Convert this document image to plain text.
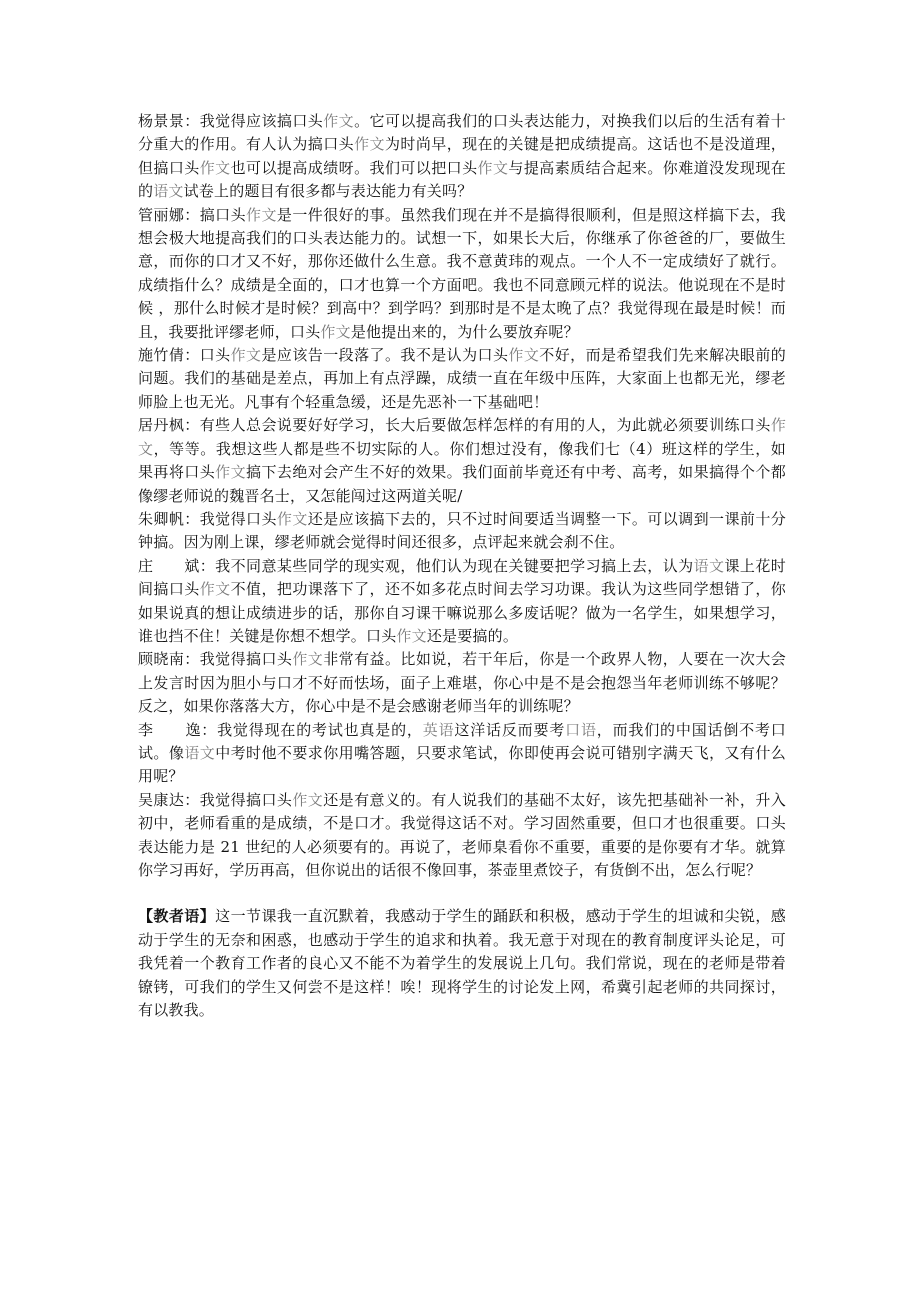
杨景景：我觉得应该搞口头作文。它可以提高我们的口头表达能力，对换我们以后的生活有着十分重大的作用。有人认为搞口头作文为时尚早，现在的关键是把成绩提高。这话也不是没道理，但搞口头作文也可以提高成绩呀。我们可以把口头作文与提高素质结合起来。你难道没发现现在的语文试卷上的题目有很多都与表达能力有关吗？

管丽娜：搞口头作文是一件很好的事。虽然我们现在并不是搞得很顺利，但是照这样搞下去，我想会极大地提高我们的口头表达能力的。试想一下，如果长大后，你继承了你爸爸的厂，要做生意，而你的口才又不好，那你还做什么生意。我不意黄玮的观点。一个人不一定成绩好了就行。成绩指什么？成绩是全面的，口才也算一个方面吧。我也不同意顾元样的说法。他说现在不是时候 ，那什么时候才是时候？到高中？到学吗？到那时是不是太晚了点？我觉得现在最是时候！而且，我要批评缪老师，口头作文是他提出来的，为什么要放弃呢？

施竹倩：口头作文是应该告一段落了。我不是认为口头作文不好，而是希望我们先来解决眼前的问题。我们的基础是差点，再加上有点浮躁，成绩一直在年级中压阵，大家面上也都无光，缪老师脸上也无光。凡事有个轻重急缓，还是先恶补一下基础吧！

居丹枫：有些人总会说要好好学习，长大后要做怎样怎样的有用的人，为此就必须要训练口头作文，等等。我想这些人都是些不切实际的人。你们想过没有，像我们七（4）班这样的学生，如果再将口头作文搞下去绝对会产生不好的效果。我们面前毕竟还有中考、高考，如果搞得个个都像缪老师说的魏晋名士，又怎能闯过这两道关呢/

朱卿帆：我觉得口头作文还是应该搞下去的，只不过时间要适当调整一下。可以调到一课前十分钟搞。因为刚上课，缪老师就会觉得时间还很多，点评起来就会刹不住。

庄　　斌：我不同意某些同学的现实观，他们认为现在关键要把学习搞上去，认为语文课上花时间搞口头作文不值，把功课落下了，还不如多花点时间去学习功课。我认为这些同学想错了，你如果说真的想让成绩进步的话，那你自习课干嘛说那么多废话呢？做为一名学生，如果想学习，谁也挡不住！关键是你想不想学。口头作文还是要搞的。

顾晓南：我觉得搞口头作文非常有益。比如说，若干年后，你是一个政界人物，人要在一次大会上发言时因为胆小与口才不好而怯场，面子上难堪，你心中是不是会抱怨当年老师训练不够呢？反之，如果你落落大方，你心中是不是会感谢老师当年的训练呢？

李　　逸：我觉得现在的考试也真是的，英语这洋话反而要考口语，而我们的中国话倒不考口试。像语文中考时他不要求你用嘴答题，只要求笔试，你即使再会说可错别字满天飞，又有什么用呢？

吴康达：我觉得搞口头作文还是有意义的。有人说我们的基础不太好，该先把基础补一补，升入初中，老师看重的是成绩，不是口才。我觉得这话不对。学习固然重要，但口才也很重要。口头表达能力是 21 世纪的人必须要有的。再说了，老师臬看你不重要，重要的是你要有才华。就算你学习再好，学历再高，但你说出的话很不像回事，茶壶里煮饺子，有货倒不出，怎么行呢？

【教者语】这一节课我一直沉默着，我感动于学生的踊跃和积极，感动于学生的坦诚和尖锐，感动于学生的无奈和困惑，也感动于学生的追求和执着。我无意于对现在的教育制度评头论足，可我凭着一个教育工作者的良心又不能不为着学生的发展说上几句。我们常说，现在的老师是带着镣铐，可我们的学生又何尝不是这样！唉！现将学生的讨论发上网，希冀引起老师的共同探讨，有以教我。
